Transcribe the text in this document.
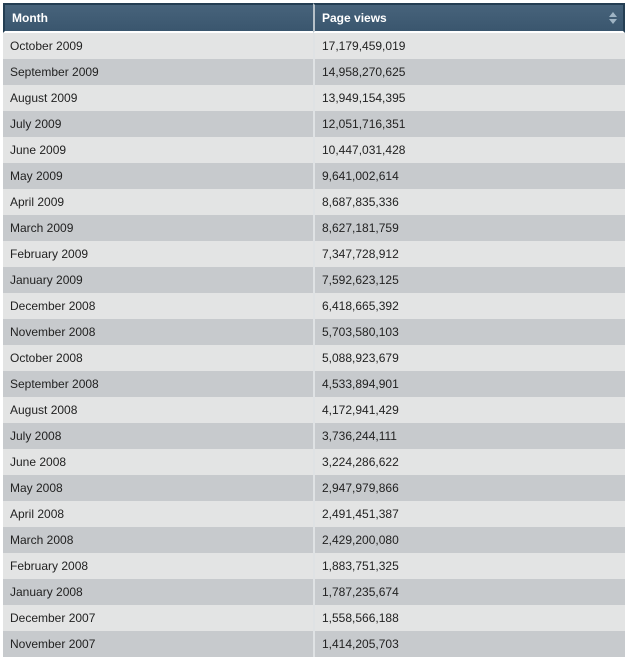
Month	Page views

October 2009	17,179,459,019
September 2009	14,958,270,625
August 2009	13,949,154,395
July 2009	12,051,716,351
June 2009	10,447,031,428
May 2009	9,641,002,614
April 2009	8,687,835,336
March 2009	8,627,181,759
February 2009	7,347,728,912
January 2009	7,592,623,125
December 2008	6,418,665,392
November 2008	5,703,580,103
October 2008	5,088,923,679
September 2008	4,533,894,901
August 2008	4,172,941,429
July 2008	3,736,244,111
June 2008	3,224,286,622
May 2008	2,947,979,866
April 2008	2,491,451,387
March 2008	2,429,200,080
February 2008	1,883,751,325
January 2008	1,787,235,674
December 2007	1,558,566,188
November 2007	1,414,205,703
